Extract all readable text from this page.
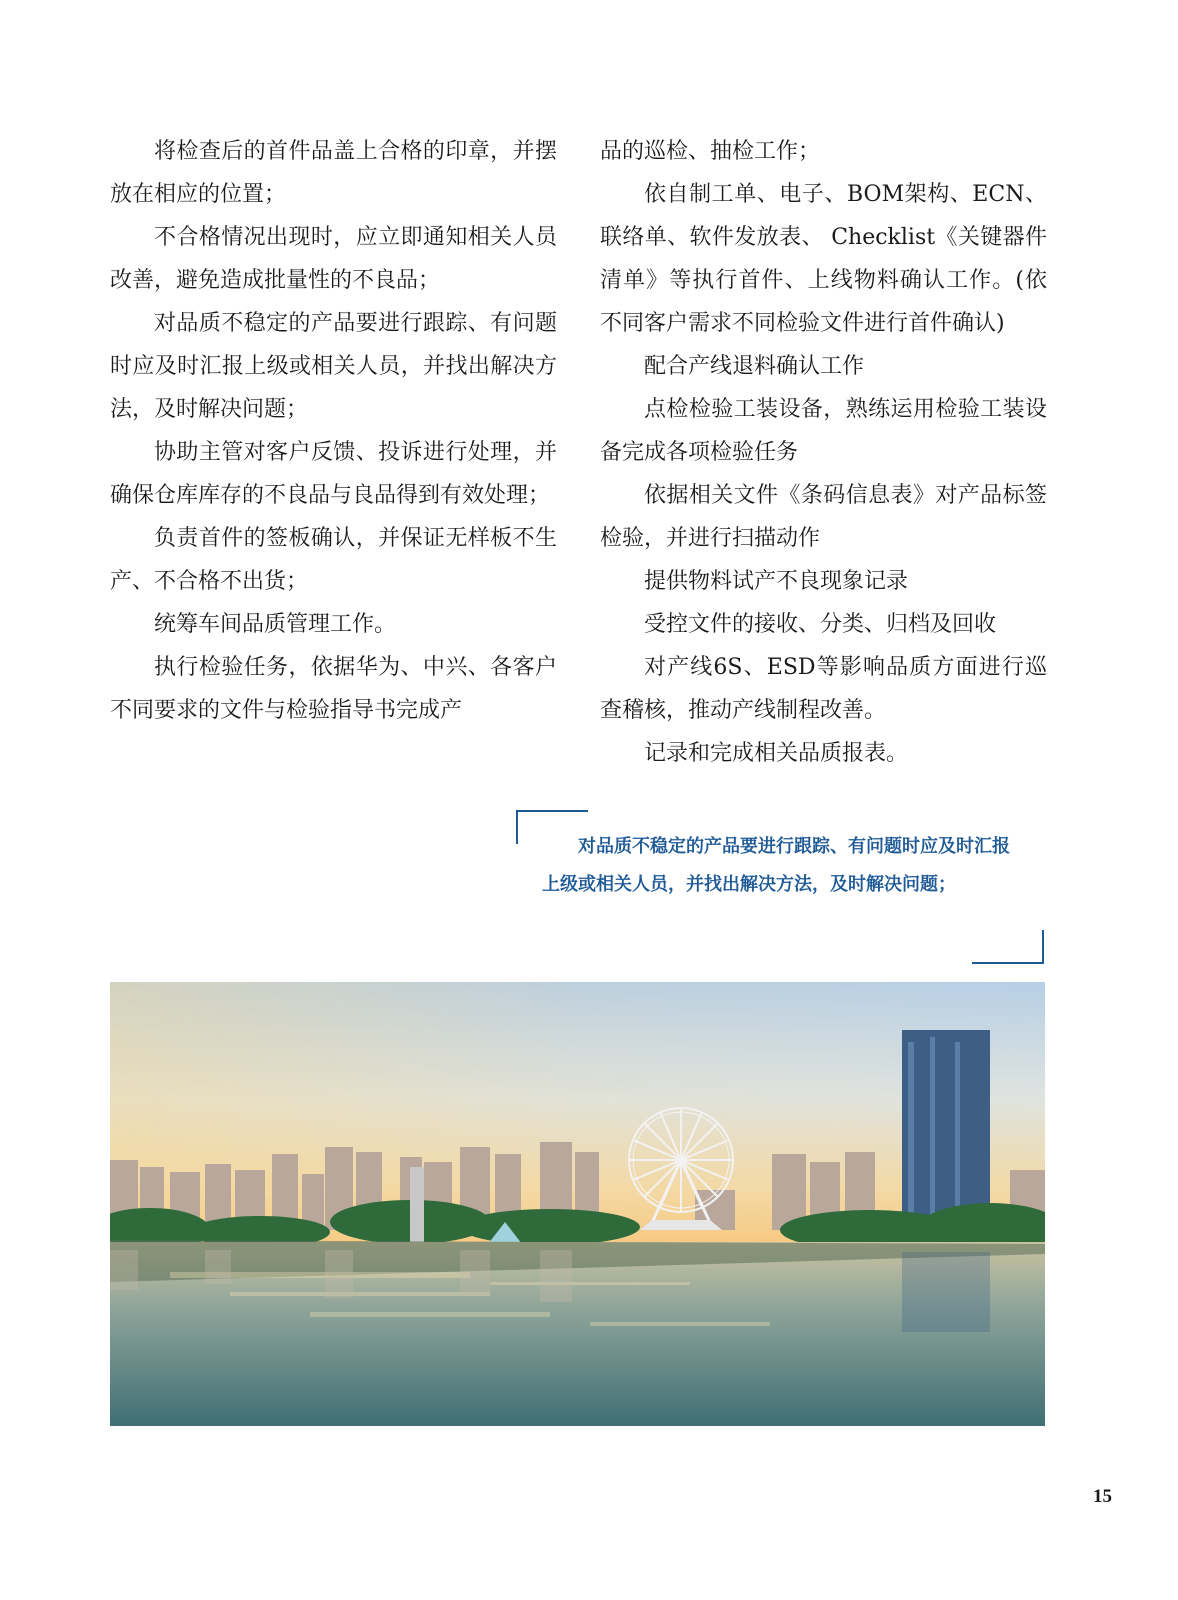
将检查后的首件品盖上合格的印章，并摆放在相应的位置；

不合格情况出现时，应立即通知相关人员改善，避免造成批量性的不良品；

对品质不稳定的产品要进行跟踪、有问题时应及时汇报上级或相关人员，并找出解决方法，及时解决问题；

协助主管对客户反馈、投诉进行处理，并确保仓库库存的不良品与良品得到有效处理；

负责首件的签板确认，并保证无样板不生产、不合格不出货；

统筹车间品质管理工作。

执行检验任务，依据华为、中兴、各客户不同要求的文件与检验指导书完成产

品的巡检、抽检工作；

依自制工单、电子、BOM架构、ECN、联络单、软件发放表、 Checklist《关键器件清单》等执行首件、上线物料确认工作。(依不同客户需求不同检验文件进行首件确认)

配合产线退料确认工作

点检检验工装设备，熟练运用检验工装设备完成各项检验任务

依据相关文件《条码信息表》对产品标签检验，并进行扫描动作

提供物料试产不良现象记录

受控文件的接收、分类、归档及回收

对产线6S、ESD等影响品质方面进行巡查稽核，推动产线制程改善。

记录和完成相关品质报表。

对品质不稳定的产品要进行跟踪、有问题时应及时汇报上级或相关人员，并找出解决方法，及时解决问题；

15
